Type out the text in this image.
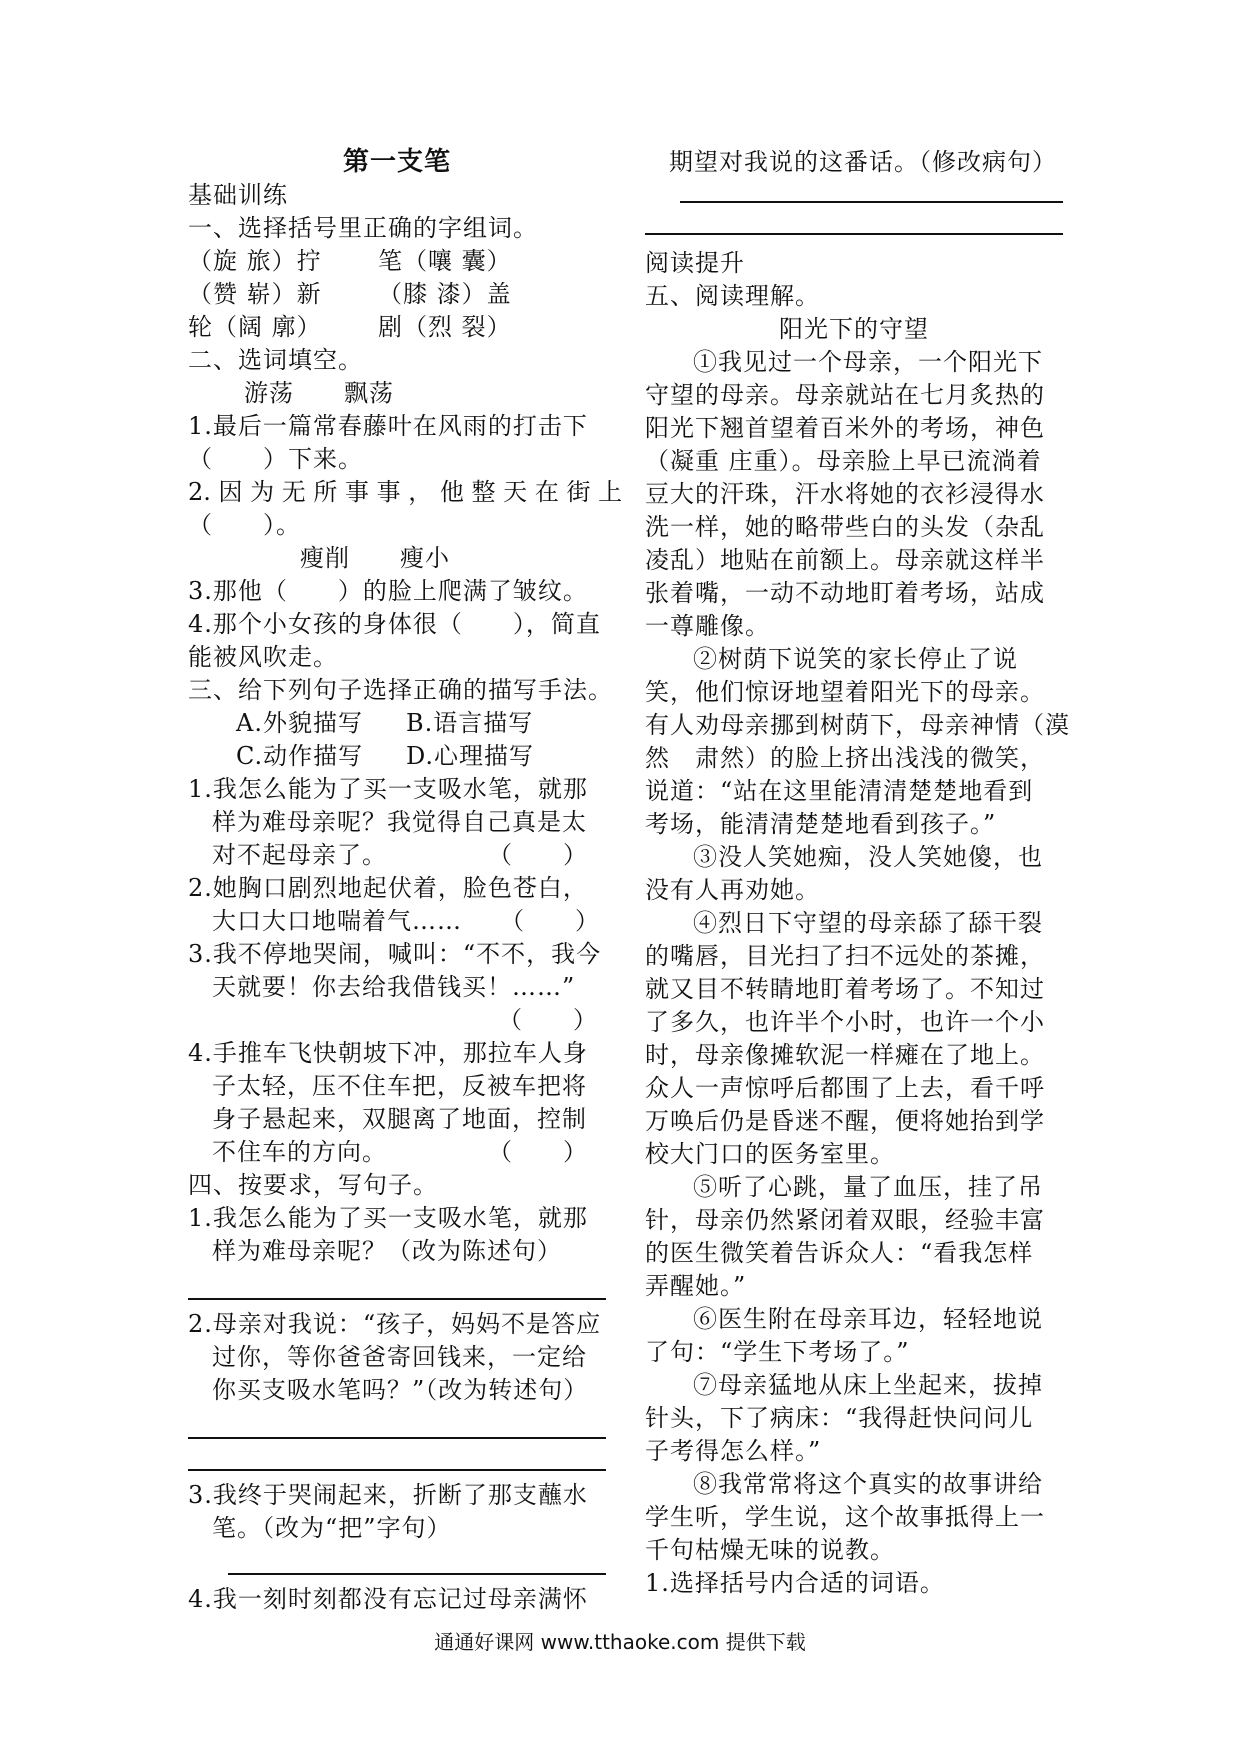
第一支笔
基础训练
一、选择括号里正确的字组词。
（旋 旅）拧 笔（嚷 囊）
（赞 崭）新 （膝 漆）盖
轮（阔 廓） 剧（烈 裂）
二、选词填空。
游荡　　飘荡
1.最后一篇常春藤叶在风雨的打击下
（　　）下来。
2. 因 为 无 所 事 事 ， 他 整 天 在 街 上
（　　）。
瘦削　　瘦小
3.那他（　　）的脸上爬满了皱纹。
4.那个小女孩的身体很（　　），简直
能被风吹走。
三、给下列句子选择正确的描写手法。
A.外貌描写 B.语言描写
C.动作描写 D.心理描写
1.我怎么能为了买一支吸水笔，就那
样为难母亲呢？我觉得自己真是太
对不起母亲了。　　　　　（　　）
2.她胸口剧烈地起伏着，脸色苍白，
大口大口地喘着气……　　（　　）
3.我不停地哭闹，喊叫：“不不，我今
天就要！你去给我借钱买！……”
（　　）
4.手推车飞快朝坡下冲，那拉车人身
子太轻，压不住车把，反被车把将
身子悬起来，双腿离了地面，控制
不住车的方向。　　　　　（　　）
四、按要求，写句子。
1.我怎么能为了买一支吸水笔，就那
样为难母亲呢？（改为陈述句）
2.母亲对我说：“孩子，妈妈不是答应
过你，等你爸爸寄回钱来，一定给
你买支吸水笔吗？”（改为转述句）
3.我终于哭闹起来，折断了那支蘸水
笔。（改为“把”字句）
4.我一刻时刻都没有忘记过母亲满怀
期望对我说的这番话。（修改病句）
阅读提升
五、阅读理解。
阳光下的守望
①我见过一个母亲，一个阳光下
守望的母亲。母亲就站在七月炙热的
阳光下翘首望着百米外的考场，神色
（凝重 庄重）。母亲脸上早已流淌着
豆大的汗珠，汗水将她的衣衫浸得水
洗一样，她的略带些白的头发（杂乱
凌乱）地贴在前额上。母亲就这样半
张着嘴，一动不动地盯着考场，站成
一尊雕像。
②树荫下说笑的家长停止了说
笑，他们惊讶地望着阳光下的母亲。
有人劝母亲挪到树荫下，母亲神情（漠
然　肃然）的脸上挤出浅浅的微笑，
说道：“站在这里能清清楚楚地看到
考场，能清清楚楚地看到孩子。”
③没人笑她痴，没人笑她傻，也
没有人再劝她。
④烈日下守望的母亲舔了舔干裂
的嘴唇，目光扫了扫不远处的茶摊，
就又目不转睛地盯着考场了。不知过
了多久，也许半个小时，也许一个小
时，母亲像摊软泥一样瘫在了地上。
众人一声惊呼后都围了上去，看千呼
万唤后仍是昏迷不醒，便将她抬到学
校大门口的医务室里。
⑤听了心跳，量了血压，挂了吊
针，母亲仍然紧闭着双眼，经验丰富
的医生微笑着告诉众人：“看我怎样
弄醒她。”
⑥医生附在母亲耳边，轻轻地说
了句：“学生下考场了。”
⑦母亲猛地从床上坐起来，拔掉
针头，下了病床：“我得赶快问问儿
子考得怎么样。”
⑧我常常将这个真实的故事讲给
学生听，学生说，这个故事抵得上一
千句枯燥无味的说教。
1.选择括号内合适的词语。
通通好课网 www.tthaoke.com 提供下载
